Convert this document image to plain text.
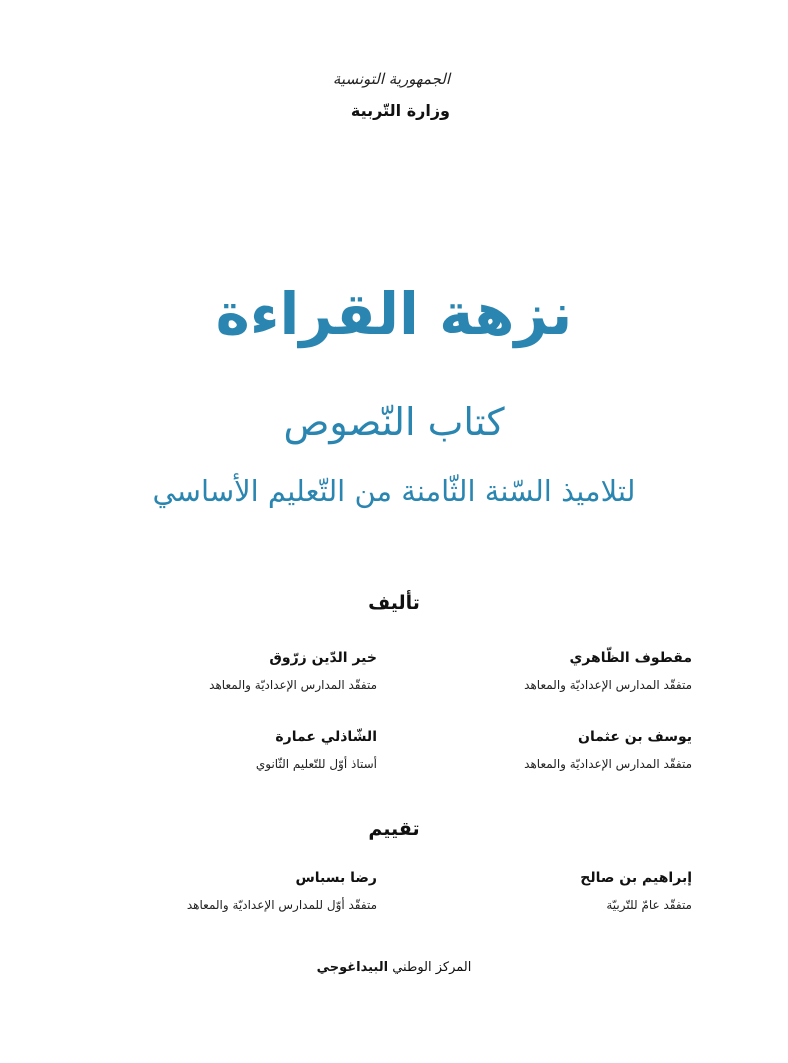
الجمهورية التونسية
وزارة التّربية
نزهة القراءة
كتاب النّصوص
لتلاميذ السّنة الثّامنة من التّعليم الأساسي
تأليف
مقطوف الظّاهري
متفقّد المدارس الإعداديّة والمعاهد
خير الدّين زرّوق
متفقّد المدارس الإعداديّة والمعاهد
يوسف بن عثمان
متفقّد المدارس الإعداديّة والمعاهد
الشّاذلي عمارة
أستاذ أوّل للتّعليم الثّانوي
تقييم
إبراهيم بن صالح
متفقّد عامّ للتّربيّة
رضا بسباس
متفقّد أوّل للمدارس الإعداديّة والمعاهد
المركز الوطني البيداغوجي
